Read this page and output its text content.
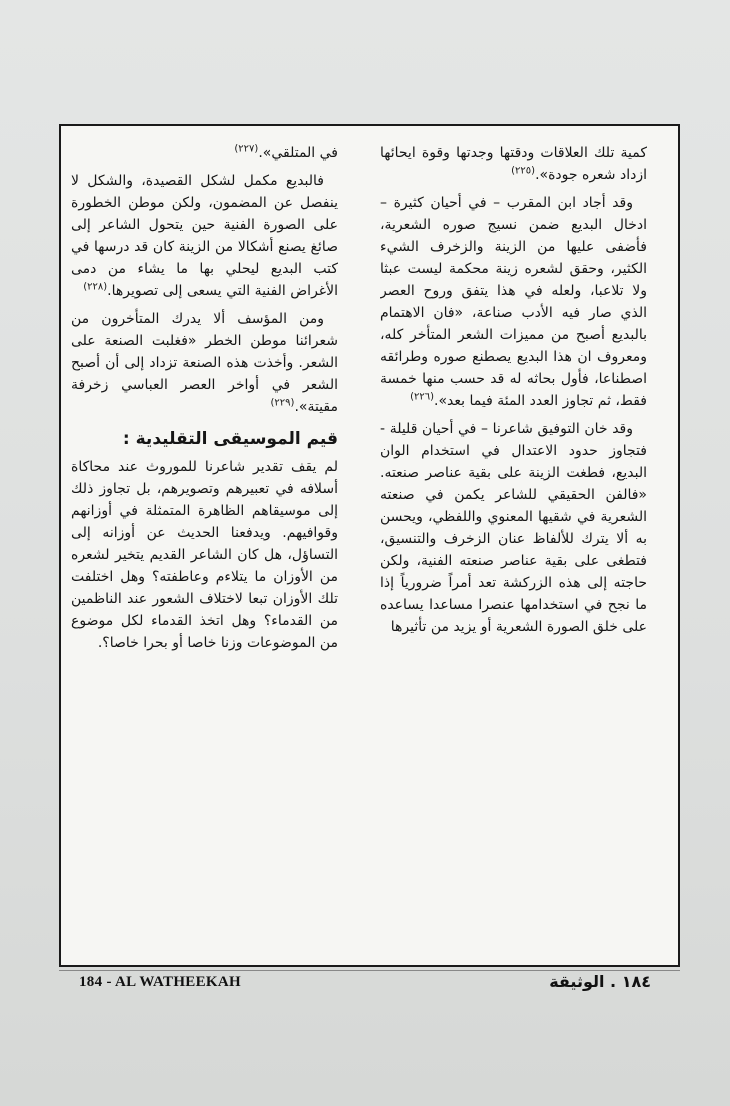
كمية تلك العلاقات ودقتها وجدتها وقوة ايحائها ازداد شعره جودة».$^{(٢٢٥)}$

وقد أجاد ابن المقرب – في أحيان كثيرة – ادخال البديع ضمن نسيج صوره الشعرية، فأضفى عليها من الزينة والزخرف الشيء الكثير، وحقق لشعره زينة محكمة ليست عبثا ولا تلاعبا، ولعله في هذا يتفق وروح العصر الذي صار فيه الأدب صناعة، «فان الاهتمام بالبديع أصبح من مميزات الشعر المتأخر كله، ومعروف ان هذا البديع يصطنع صوره وطرائقه اصطناعا، فأول بحاثه له قد حسب منها خمسة فقط، ثم تجاوز العدد المئة فيما بعد».$^{(٢٢٦)}$

وقد خان التوفيق شاعرنا – في أحيان قليلة - فتجاوز حدود الاعتدال في استخدام الوان البديع، فطغت الزينة على بقية عناصر صنعته. «فالفن الحقيقي للشاعر يكمن في صنعته الشعرية في شقيها المعنوي واللفظي، ويحسن به ألا يترك للألفاظ عنان الزخرف والتنسيق، فتطغى على بقية عناصر صنعته الفنية، ولكن حاجته إلى هذه الزركشة تعد أمراً ضرورياً إذا ما نجح في استخدامها عنصرا مساعدا يساعده على خلق الصورة الشعرية أو يزيد من تأثيرها

في المتلقي».$^{(٢٢٧)}$

فالبديع مكمل لشكل القصيدة، والشكل لا ينفصل عن المضمون، ولكن موطن الخطورة على الصورة الفنية حين يتحول الشاعر إلى صائغ يصنع أشكالا من الزينة كان قد درسها في كتب البديع ليحلي بها ما يشاء من دمى الأغراض الفنية التي يسعى إلى تصويرها.$^{(٢٢٨)}$

ومن المؤسف ألا يدرك المتأخرون من شعرائنا موطن الخطر «فغلبت الصنعة على الشعر. وأخذت هذه الصنعة تزداد إلى أن أصبح الشعر في أواخر العصر العباسي زخرفة مقيتة».$^{(٢٢٩)}$

قيم الموسيقى التقليدية :

لم يقف تقدير شاعرنا للموروث عند محاكاة أسلافه في تعبيرهم وتصويرهم، بل تجاوز ذلك إلى موسيقاهم الظاهرة المتمثلة في أوزانهم وقوافيهم. ويدفعنا الحديث عن أوزانه إلى التساؤل، هل كان الشاعر القديم يتخير لشعره من الأوزان ما يتلاءم وعاطفته؟ وهل اختلفت تلك الأوزان تبعا لاختلاف الشعور عند الناظمين من القدماء؟ وهل اتخذ القدماء لكل موضوع من الموضوعات وزنا خاصا أو بحرا خاصا؟.

184 - AL WATHEEKAH	١٨٤ . الوثيقة
